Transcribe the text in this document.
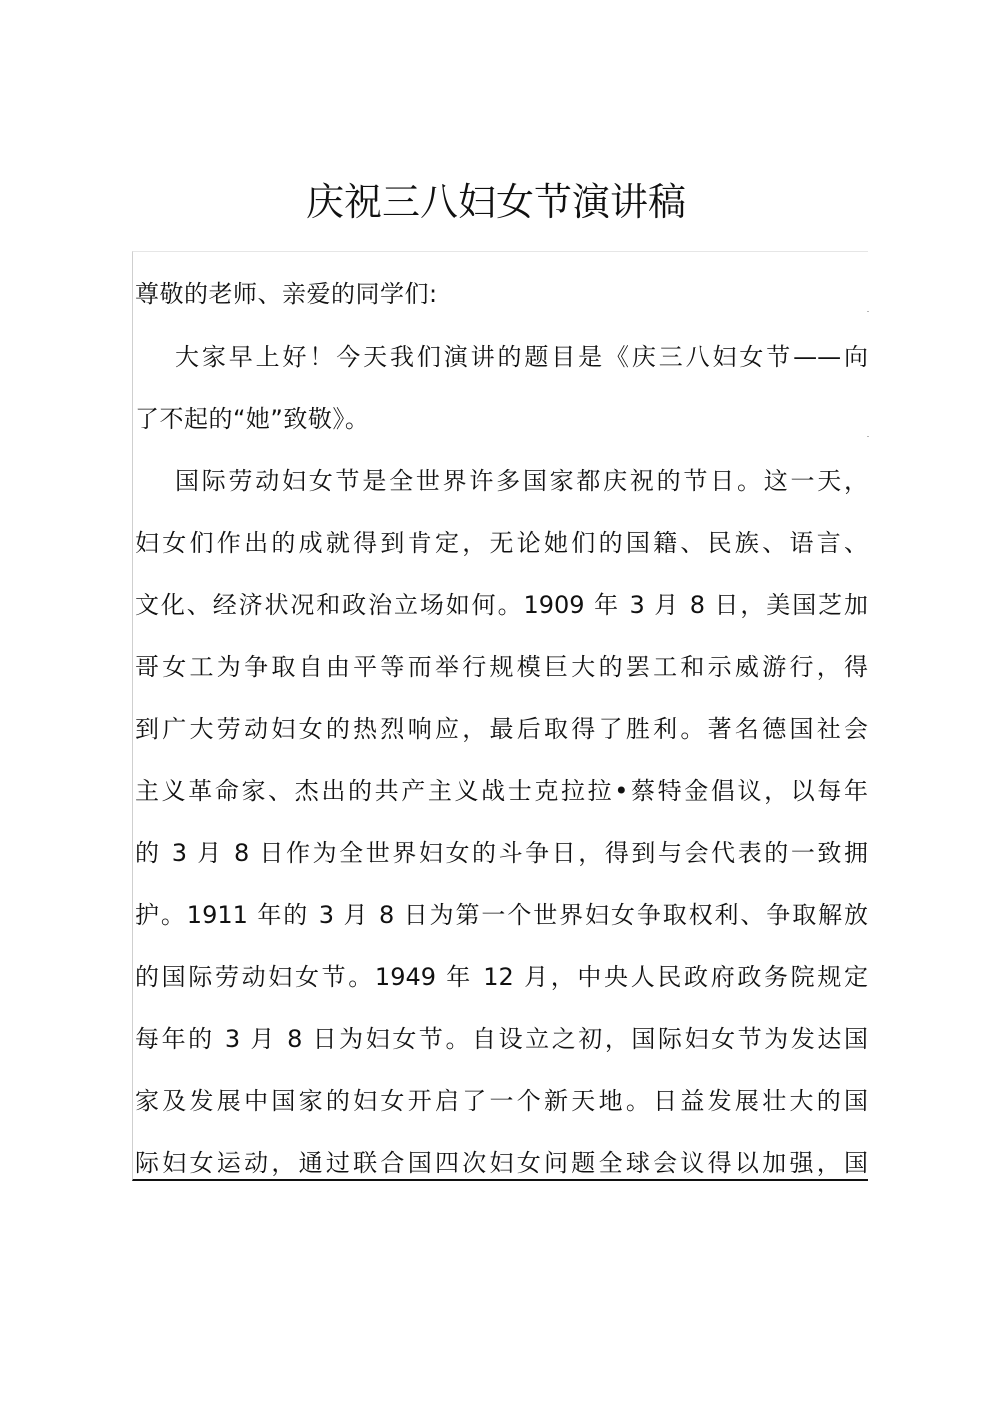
庆祝三八妇女节演讲稿
尊敬的老师、亲爱的同学们:
大家早上好！今天我们演讲的题目是《庆三八妇女节——向
了不起的“她”致敬》。
国际劳动妇女节是全世界许多国家都庆祝的节日。这一天，
妇女们作出的成就得到肯定，无论她们的国籍、民族、语言、
文化、经济状况和政治立场如何。1909 年 3 月 8 日，美国芝加
哥女工为争取自由平等而举行规模巨大的罢工和示威游行，得
到广大劳动妇女的热烈响应，最后取得了胜利。著名德国社会
主义革命家、杰出的共产主义战士克拉拉•蔡特金倡议，以每年
的 3 月 8 日作为全世界妇女的斗争日，得到与会代表的一致拥
护。1911 年的 3 月 8 日为第一个世界妇女争取权利、争取解放
的国际劳动妇女节。1949 年 12 月，中央人民政府政务院规定
每年的 3 月 8 日为妇女节。自设立之初，国际妇女节为发达国
家及发展中国家的妇女开启了一个新天地。日益发展壮大的国
际妇女运动，通过联合国四次妇女问题全球会议得以加强，国
